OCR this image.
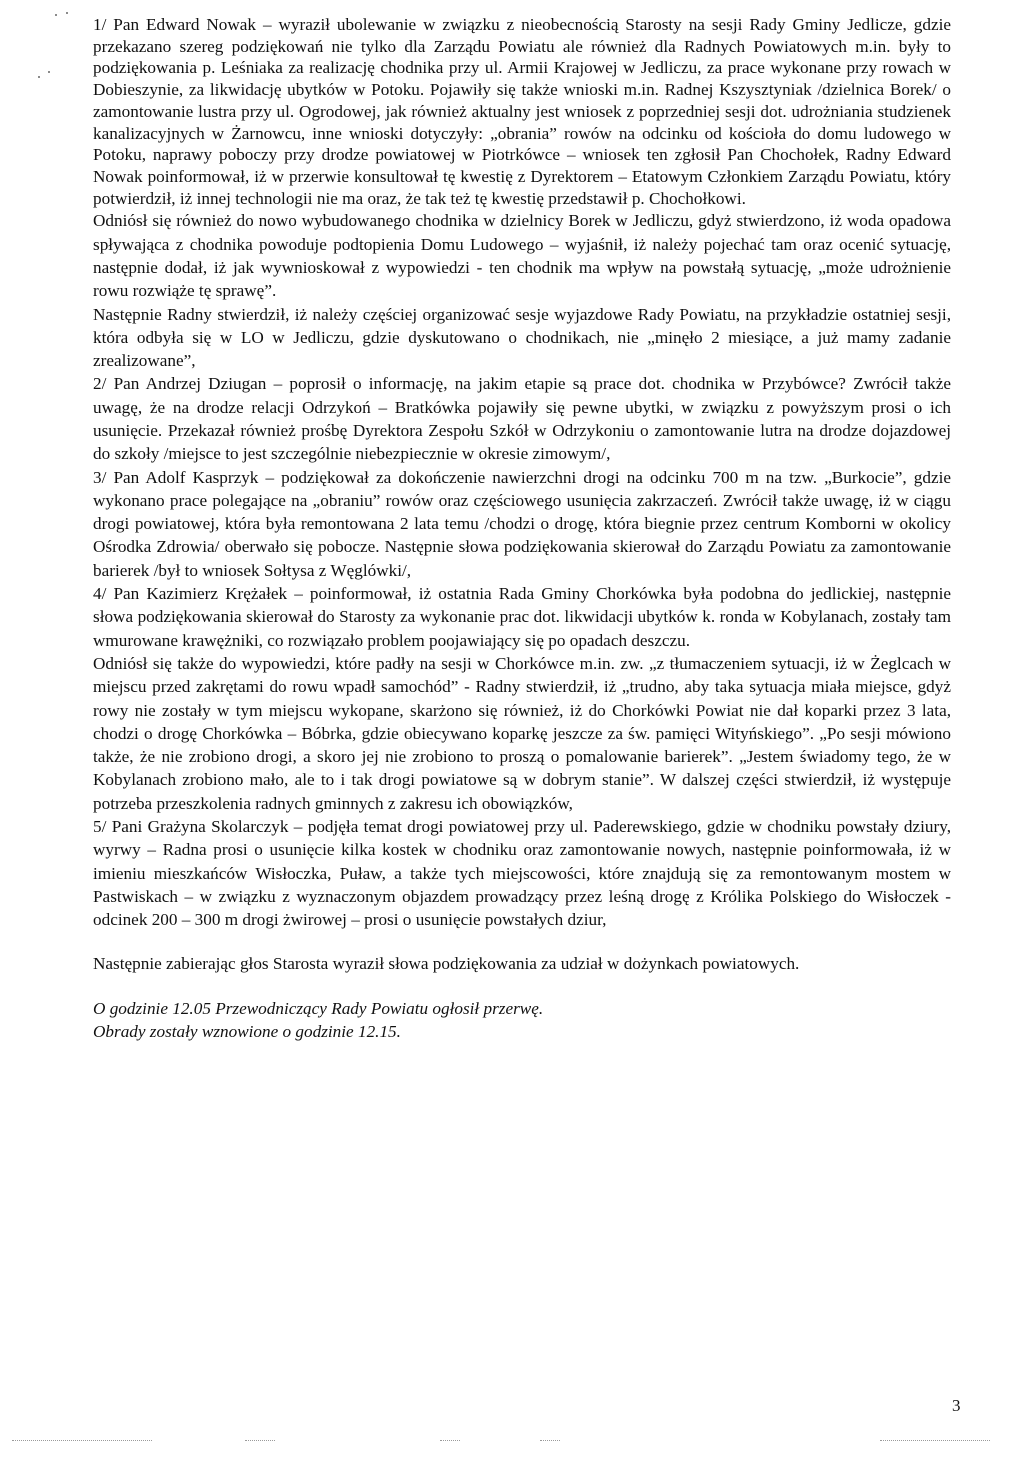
1/ Pan Edward Nowak – wyraził ubolewanie w związku z nieobecnością Starosty na sesji Rady Gminy Jedlicze, gdzie przekazano szereg podziękowań nie tylko dla Zarządu Powiatu ale również dla Radnych Powiatowych m.in. były to podziękowania p. Leśniaka za realizację chodnika przy ul. Armii Krajowej w Jedliczu, za prace wykonane przy rowach w Dobieszynie, za likwidację ubytków w Potoku. Pojawiły się także wnioski m.in. Radnej Kszysztyniak /dzielnica Borek/ o zamontowanie lustra przy ul. Ogrodowej, jak również aktualny jest wniosek z poprzedniej sesji dot. udrożniania studzienek kanalizacyjnych w Żarnowcu, inne wnioski dotyczyły: „obrania” rowów na odcinku od kościoła do domu ludowego w Potoku, naprawy poboczy przy drodze powiatowej w Piotrkówce – wniosek ten zgłosił Pan Chochołek, Radny Edward Nowak poinformował, iż w przerwie konsultował tę kwestię z Dyrektorem – Etatowym Członkiem Zarządu Powiatu, który potwierdził, iż innej technologii nie ma oraz, że tak też tę kwestię przedstawił p. Chochołkowi.

Odniósł się również do nowo wybudowanego chodnika w dzielnicy Borek w Jedliczu, gdyż stwierdzono, iż woda opadowa spływająca z chodnika powoduje podtopienia Domu Ludowego – wyjaśnił, iż należy pojechać tam oraz ocenić sytuację, następnie dodał, iż jak wywnioskował z wypowiedzi - ten chodnik ma wpływ na powstałą sytuację, „może udrożnienie rowu rozwiąże tę sprawę”.

Następnie Radny stwierdził, iż należy częściej organizować sesje wyjazdowe Rady Powiatu, na przykładzie ostatniej sesji, która odbyła się w LO w Jedliczu, gdzie dyskutowano o chodnikach, nie „minęło 2 miesiące, a już mamy zadanie zrealizowane”,

2/ Pan Andrzej Dziugan – poprosił o informację, na jakim etapie są prace dot. chodnika w Przybówce? Zwrócił także uwagę, że na drodze relacji Odrzykoń – Bratkówka pojawiły się pewne ubytki, w związku z powyższym prosi o ich usunięcie. Przekazał również prośbę Dyrektora Zespołu Szkół w Odrzykoniu o zamontowanie lutra na drodze dojazdowej do szkoły /miejsce to jest szczególnie niebezpiecznie w okresie zimowym/,

3/ Pan Adolf Kasprzyk – podziękował za dokończenie nawierzchni drogi na odcinku 700 m na tzw. „Burkocie”, gdzie wykonano prace polegające na „obraniu” rowów oraz częściowego usunięcia zakrzaczeń. Zwrócił także uwagę, iż w ciągu drogi powiatowej, która była remontowana 2 lata temu /chodzi o drogę, która biegnie przez centrum Komborni w okolicy Ośrodka Zdrowia/ oberwało się pobocze. Następnie słowa podziękowania skierował do Zarządu Powiatu za zamontowanie barierek /był to wniosek Sołtysa z Węglówki/,

4/ Pan Kazimierz Krężałek – poinformował, iż ostatnia Rada Gminy Chorkówka była podobna do jedlickiej, następnie słowa podziękowania skierował do Starosty za wykonanie prac dot. likwidacji ubytków k. ronda w Kobylanach, zostały tam wmurowane krawężniki, co rozwiązało problem poojawiający się po opadach deszczu.

Odniósł się także do wypowiedzi, które padły na sesji w Chorkówce m.in. zw. „z tłumaczeniem sytuacji, iż w Żeglcach w miejscu przed zakrętami do rowu wpadł samochód” - Radny stwierdził, iż „trudno, aby taka sytuacja miała miejsce, gdyż rowy nie zostały w tym miejscu wykopane, skarżono się również, iż do Chorkówki Powiat nie dał koparki przez 3 lata, chodzi o drogę Chorkówka – Bóbrka, gdzie obiecywano koparkę jeszcze za św. pamięci Wityńskiego”. „Po sesji mówiono także, że nie zrobiono drogi, a skoro jej nie zrobiono to proszą o pomalowanie barierek”. „Jestem świadomy tego, że w Kobylanach zrobiono mało, ale to i tak drogi powiatowe są w dobrym stanie”. W dalszej części stwierdził, iż występuje potrzeba przeszkolenia radnych gminnych z zakresu ich obowiązków,

5/ Pani Grażyna Skolarczyk – podjęła temat drogi powiatowej przy ul. Paderewskiego, gdzie w chodniku powstały dziury, wyrwy – Radna prosi o usunięcie kilka kostek w chodniku oraz zamontowanie nowych, następnie poinformowała, iż w imieniu mieszkańców Wisłoczka, Puław, a także tych miejscowości, które znajdują się za remontowanym mostem w Pastwiskach – w związku z wyznaczonym objazdem prowadzący przez leśną drogę z Królika Polskiego do Wisłoczek - odcinek 200 – 300 m drogi żwirowej – prosi o usunięcie powstałych dziur,

Następnie zabierając głos Starosta wyraził słowa podziękowania za udział w dożynkach powiatowych.

O godzinie 12.05 Przewodniczący Rady Powiatu ogłosił przerwę.

Obrady zostały wznowione o godzinie 12.15.

3
